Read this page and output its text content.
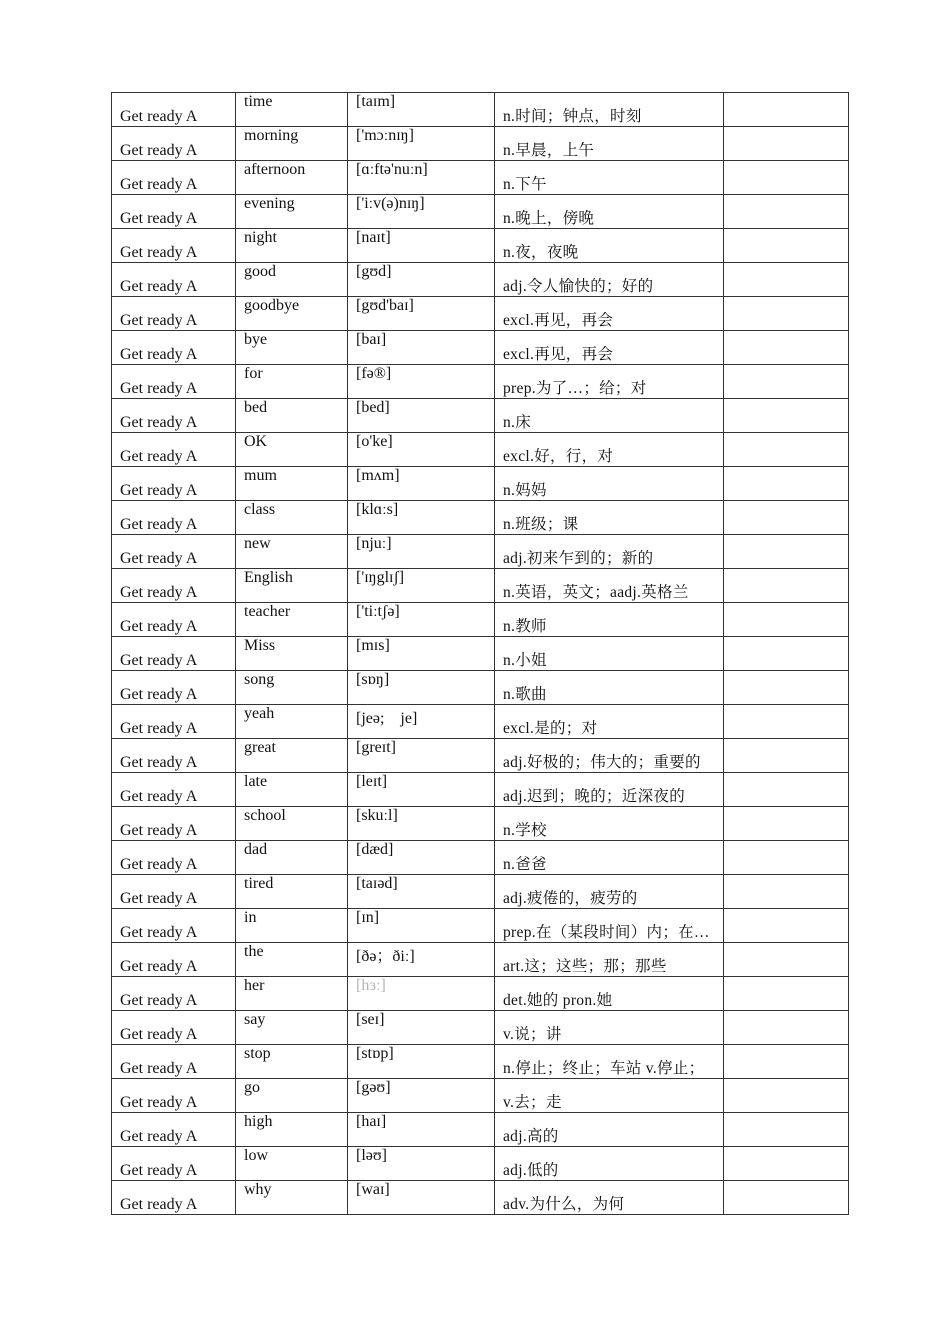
Get ready A	time	[taɪm]	n.时间；钟点，时刻	
Get ready A	morning	['mɔːnɪŋ]	n.早晨，上午	
Get ready A	afternoon	[ɑːftə'nuːn]	n.下午	
Get ready A	evening	['iːv(ə)nɪŋ]	n.晚上，傍晚	
Get ready A	night	[naɪt]	n.夜，夜晚	
Get ready A	good	[gʊd]	adj.令人愉快的；好的	
Get ready A	goodbye	[gʊd'baɪ]	excl.再见，再会	
Get ready A	bye	[baɪ]	excl.再见，再会	
Get ready A	for	[fə®]	prep.为了…；给；对	
Get ready A	bed	[bed]	n.床	
Get ready A	OK	[o'ke]	excl.好，行，对	
Get ready A	mum	[mʌm]	n.妈妈	
Get ready A	class	[klɑːs]	n.班级；课	
Get ready A	new	[njuː]	adj.初来乍到的；新的	
Get ready A	English	['ɪŋglɪʃ]	n.英语，英文；aadj.英格兰	
Get ready A	teacher	['tiːtʃə]	n.教师	
Get ready A	Miss	[mɪs]	n.小姐	
Get ready A	song	[sɒŋ]	n.歌曲	
Get ready A	yeah	[jeə;　je]	excl.是的；对	
Get ready A	great	[greɪt]	adj.好极的；伟大的；重要的	
Get ready A	late	[leɪt]	adj.迟到；晚的；近深夜的	
Get ready A	school	[skuːl]	n.学校	
Get ready A	dad	[dæd]	n.爸爸	
Get ready A	tired	[taɪəd]	adj.疲倦的，疲劳的	
Get ready A	in	[ɪn]	prep.在（某段时间）内；在…	
Get ready A	the	[ðə；ðiː]	art.这；这些；那；那些	
Get ready A	her	[hɜː]	det.她的 pron.她	
Get ready A	say	[seɪ]	v.说；讲	
Get ready A	stop	[stɒp]	n.停止；终止；车站 v.停止；	
Get ready A	go	[gəʊ]	v.去；走	
Get ready A	high	[haɪ]	adj.高的	
Get ready A	low	[ləʊ]	adj.低的	
Get ready A	why	[waɪ]	adv.为什么，为何	
